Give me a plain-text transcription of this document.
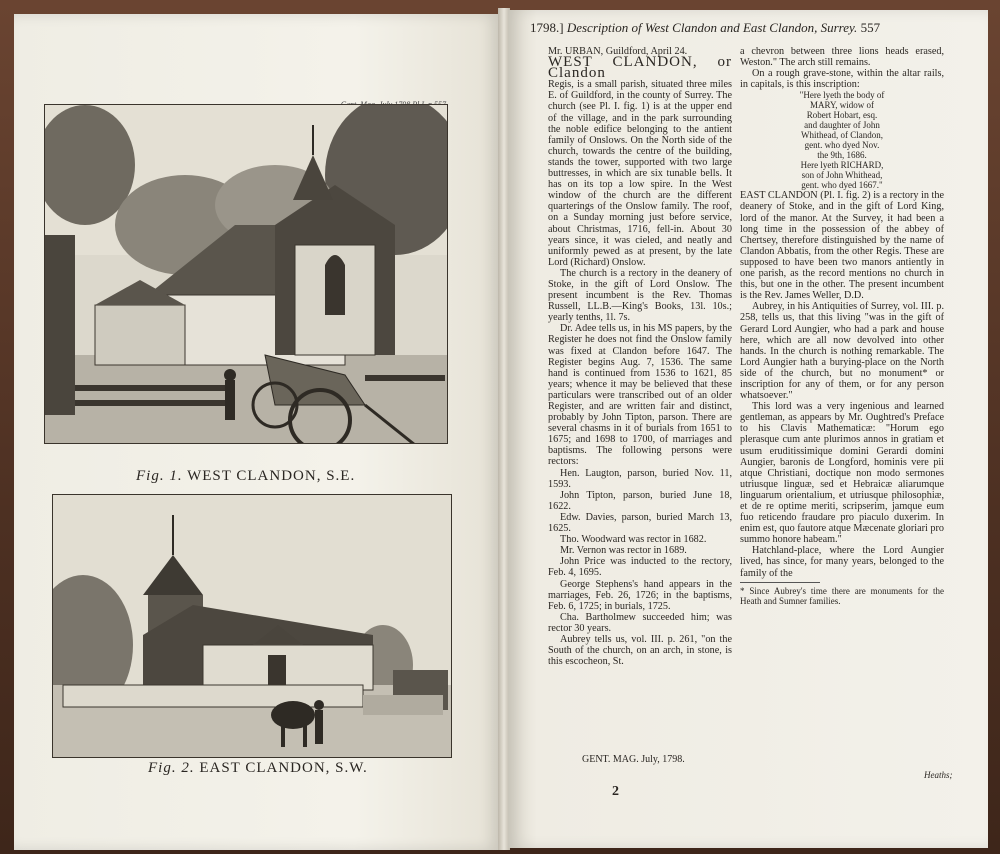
Fig. 1. WEST CLANDON, S.E.
Fig. 2. EAST CLANDON, S.W.
1798.] Description of West Clandon and East Clandon, Surrey. 557

Mr. URBAN, Guildford, April 24.

WEST CLANDON, or Clandon

Regis, is a small parish, situated three miles E. of Guildford, in the county of Surrey. The church (see Pl. I. fig. 1) is at the upper end of the village, and in the park surrounding the noble edifice belonging to the antient family of Onslows. On the North side of the church, towards the centre of the building, stands the tower, supported with two large buttresses, in which are six tunable bells. It has on its top a low spire. In the West window of the church are the different quarterings of the Onslow family. The roof, on a Sunday morning just before service, about Christmas, 1716, fell-in. About 30 years since, it was cieled, and neatly and uniformly pewed as at present, by the late Lord (Richard) Onslow.

The church is a rectory in the deanery of Stoke, in the gift of Lord Onslow. The present incumbent is the Rev. Thomas Russell, LL.B.—King's Books, 13l. 10s.; yearly tenths, 1l. 7s.

Dr. Adee tells us, in his MS papers, by the Register he does not find the Onslow family was fixed at Clandon before 1647. The Register begins Aug. 7, 1536. The same hand is continued from 1536 to 1621, 85 years; whence it may be believed that these particulars were transcribed out of an older Register, and are written fair and distinct, probably by John Tipton, parson. There are several chasms in it of burials from 1651 to 1675; and 1698 to 1700, of marriages and baptisms. The following persons were rectors:

Hen. Laugton, parson, buried Nov. 11, 1593.

John Tipton, parson, buried June 18, 1622.

Edw. Davies, parson, buried March 13, 1625.

Tho. Woodward was rector in 1682.

Mr. Vernon was rector in 1689.

John Price was inducted to the rectory, Feb. 4, 1695.

George Stephens's hand appears in the marriages, Feb. 26, 1726; in the baptisms, Feb. 6, 1725; in burials, 1725.

Cha. Bartholmew succeeded him; was rector 30 years.

Aubrey tells us, vol. III. p. 261, "on the South of the church, on an arch, in stone, is this escocheon, St.

a chevron between three lions heads erased, Weston." The arch still remains.

On a rough grave-stone, within the altar rails, in capitals, is this inscription:

"Here lyeth the body of

MARY, widow of

Robert Hobart, esq.

and daughter of John

Whithead, of Clandon,

gent. who dyed Nov.

the 9th, 1686.

Here lyeth RICHARD,

son of John Whithead,

gent. who dyed 1667."

EAST CLANDON (Pl. I. fig. 2) is a rectory in the deanery of Stoke, and in the gift of Lord King, lord of the manor. At the Survey, it had been a long time in the possession of the abbey of Chertsey, therefore distinguished by the name of Clandon Abbatis, from the other Regis. These are supposed to have been two manors antiently in one parish, as the record mentions no church in this, but one in the other. The present incumbent is the Rev. James Weller, D.D.

Aubrey, in his Antiquities of Surrey, vol. III. p. 258, tells us, that this living "was in the gift of Gerard Lord Aungier, who had a park and house here, which are all now devolved into other hands. In the church is nothing remarkable. The Lord Aungier hath a burying-place on the North side of the church, but no monument* or inscription for any of them, or for any person whatsoever."

This lord was a very ingenious and learned gentleman, as appears by Mr. Oughtred's Preface to his Clavis Mathematicæ: "Horum ego plerasque cum ante plurimos annos in gratiam et usum eruditissimique domini Gerardi domini Aungier, baronis de Longford, hominis vere pii atque Christiani, doctique non modo sermones utriusque linguæ, sed et Hebraicæ aliarumque linguarum orientalium, et utriusque philosophiæ, et de re optime meriti, scripserim, jamque eum fuo reticendo fraudare pro piaculo duxerim. In enim est, quo fautore atque Mæcenate gloriari pro summo honore habeam."

Hatchland-place, where the Lord Aungier lived, has since, for many years, belonged to the family of the

* Since Aubrey's time there are monuments for the Heath and Sumner families.

GENT. MAG. July, 1798.
2
Heaths;
